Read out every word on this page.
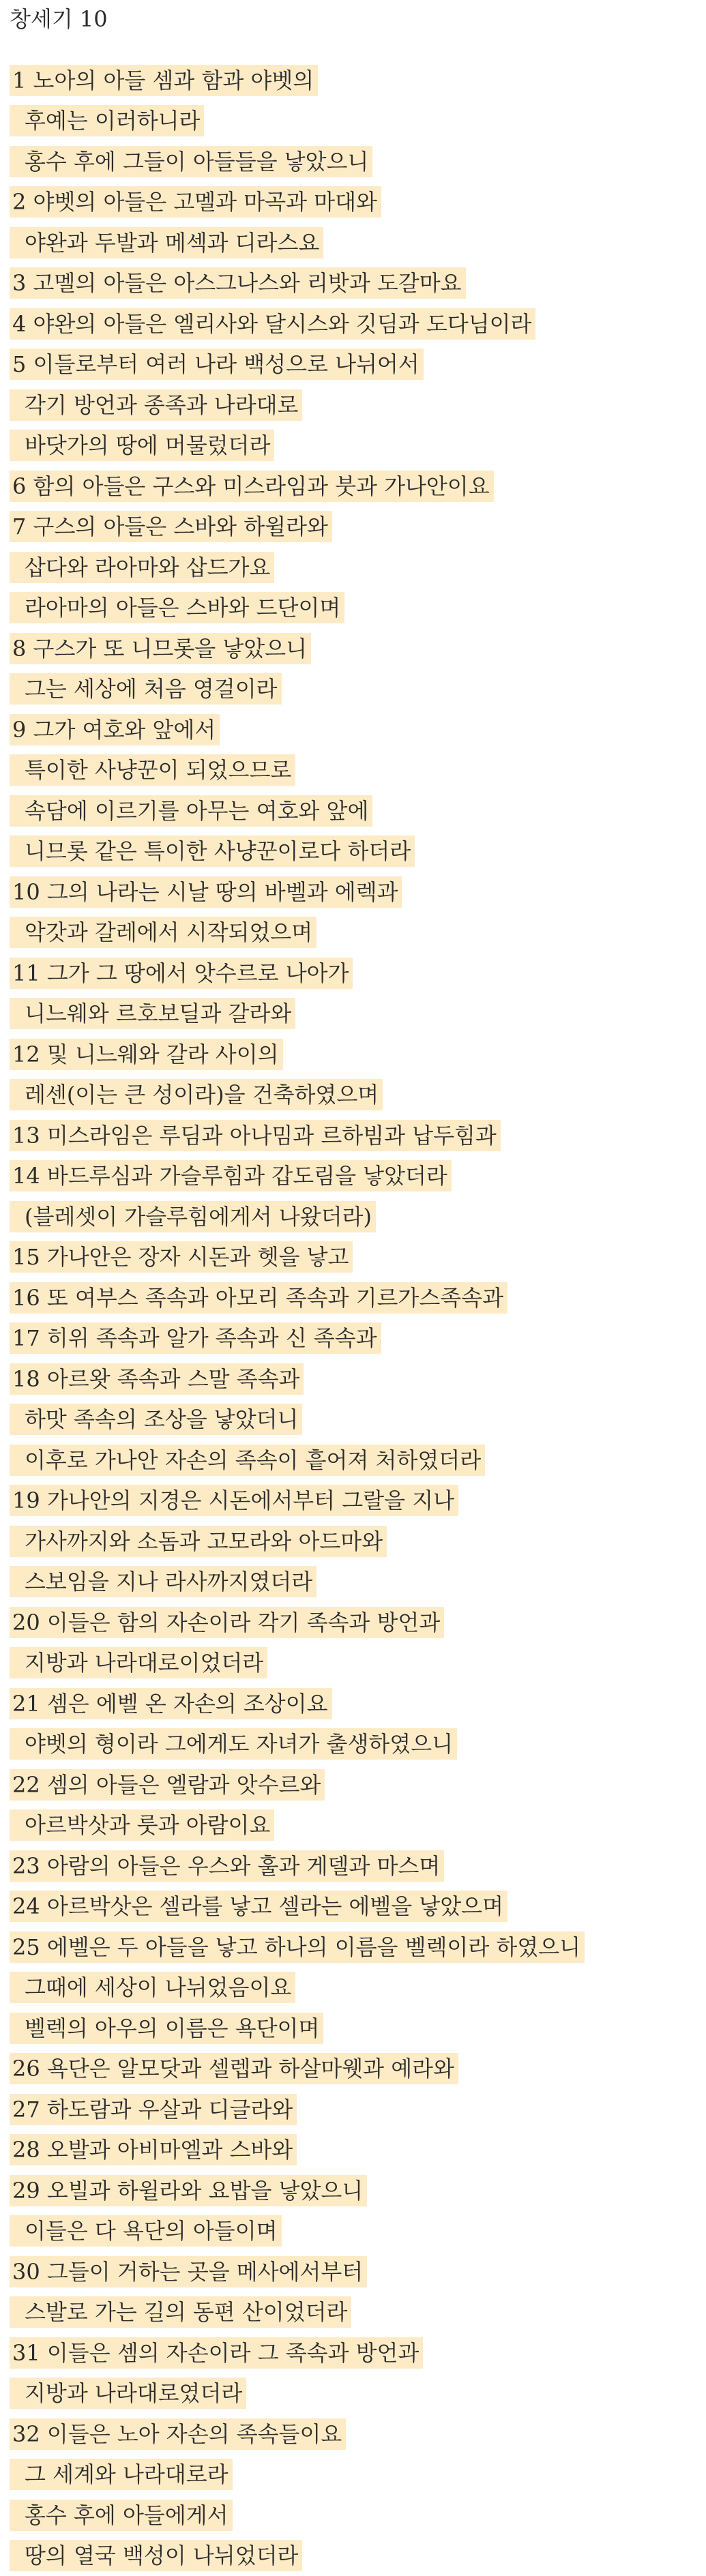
창세기 10
1 노아의 아들 셈과 함과 야벳의
후예는 이러하니라
홍수 후에 그들이 아들들을 낳았으니
2 야벳의 아들은 고멜과 마곡과 마대와
야완과 두발과 메섹과 디라스요
3 고멜의 아들은 아스그나스와 리밧과 도갈마요
4 야완의 아들은 엘리사와 달시스와 깃딤과 도다님이라
5 이들로부터 여러 나라 백성으로 나뉘어서
각기 방언과 종족과 나라대로
바닷가의 땅에 머물렀더라
6 함의 아들은 구스와 미스라임과 붓과 가나안이요
7 구스의 아들은 스바와 하윌라와
삽다와 라아마와 삽드가요
라아마의 아들은 스바와 드단이며
8 구스가 또 니므롯을 낳았으니
그는 세상에 처음 영걸이라
9 그가 여호와 앞에서
특이한 사냥꾼이 되었으므로
속담에 이르기를 아무는 여호와 앞에
니므롯 같은 특이한 사냥꾼이로다 하더라
10 그의 나라는 시날 땅의 바벨과 에렉과
악갓과 갈레에서 시작되었으며
11 그가 그 땅에서 앗수르로 나아가
니느웨와 르호보딜과 갈라와
12 및 니느웨와 갈라 사이의
레센(이는 큰 성이라)을 건축하였으며
13 미스라임은 루딤과 아나밈과 르하빔과 납두힘과
14 바드루심과 가슬루힘과 갑도림을 낳았더라
(블레셋이 가슬루힘에게서 나왔더라)
15 가나안은 장자 시돈과 헷을 낳고
16 또 여부스 족속과 아모리 족속과 기르가스족속과
17 히위 족속과 알가 족속과 신 족속과
18 아르왓 족속과 스말 족속과
하맛 족속의 조상을 낳았더니
이후로 가나안 자손의 족속이 흩어져 처하였더라
19 가나안의 지경은 시돈에서부터 그랄을 지나
가사까지와 소돔과 고모라와 아드마와
스보임을 지나 라사까지였더라
20 이들은 함의 자손이라 각기 족속과 방언과
지방과 나라대로이었더라
21 셈은 에벨 온 자손의 조상이요
야벳의 형이라 그에게도 자녀가 출생하였으니
22 셈의 아들은 엘람과 앗수르와
아르박삿과 룻과 아람이요
23 아람의 아들은 우스와 훌과 게델과 마스며
24 아르박삿은 셀라를 낳고 셀라는 에벨을 낳았으며
25 에벨은 두 아들을 낳고 하나의 이름을 벨렉이라 하였으니
그때에 세상이 나뉘었음이요
벨렉의 아우의 이름은 욕단이며
26 욕단은 알모닷과 셀렙과 하살마웻과 예라와
27 하도람과 우살과 디글라와
28 오발과 아비마엘과 스바와
29 오빌과 하윌라와 요밥을 낳았으니
이들은 다 욕단의 아들이며
30 그들이 거하는 곳을 메사에서부터
스발로 가는 길의 동편 산이었더라
31 이들은 셈의 자손이라 그 족속과 방언과
지방과 나라대로였더라
32 이들은 노아 자손의 족속들이요
그 세계와 나라대로라
홍수 후에 아들에게서
땅의 열국 백성이 나뉘었더라
